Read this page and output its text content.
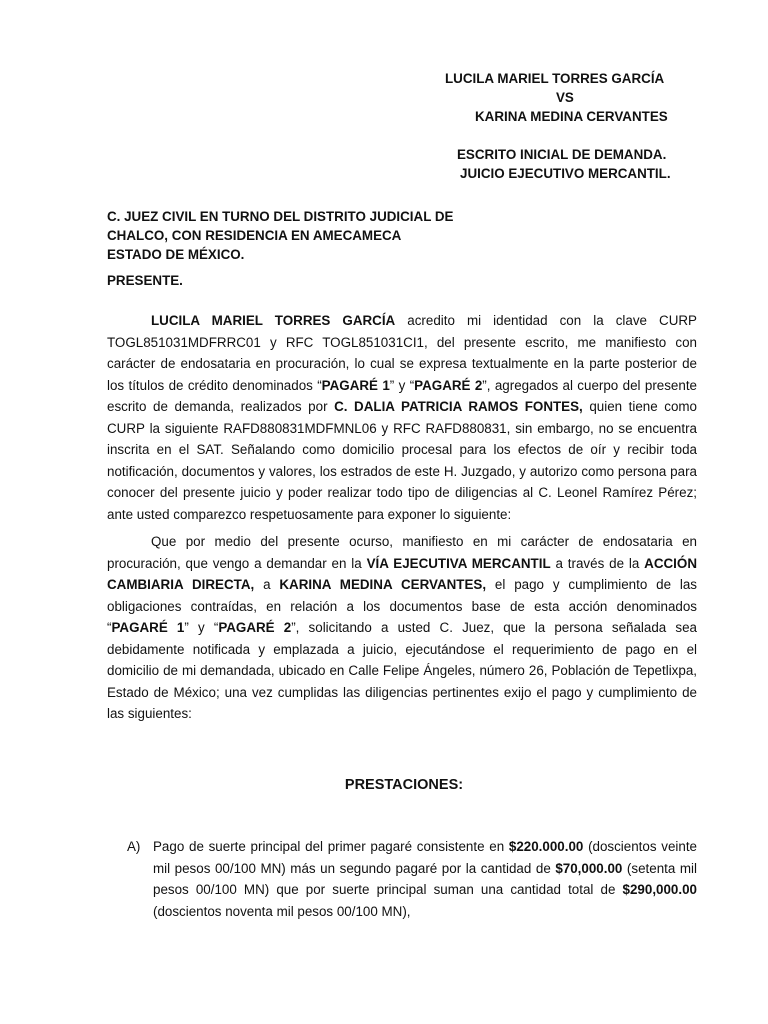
LUCILA MARIEL TORRES GARCÍA
VS
KARINA MEDINA CERVANTES
ESCRITO INICIAL DE DEMANDA.
JUICIO EJECUTIVO MERCANTIL.
C. JUEZ CIVIL EN TURNO DEL DISTRITO JUDICIAL DE
CHALCO, CON RESIDENCIA EN AMECAMECA
ESTADO DE MÉXICO.
PRESENTE.

LUCILA MARIEL TORRES GARCÍA acredito mi identidad con la clave CURP TOGL851031MDFRRC01 y RFC TOGL851031CI1, del presente escrito, me manifiesto con carácter de endosataria en procuración, lo cual se expresa textualmente en la parte posterior de los títulos de crédito denominados “PAGARÉ 1” y “PAGARÉ 2”, agregados al cuerpo del presente escrito de demanda, realizados por C. DALIA PATRICIA RAMOS FONTES, quien tiene como CURP la siguiente RAFD880831MDFMNL06 y RFC RAFD880831, sin embargo, no se encuentra inscrita en el SAT. Señalando como domicilio procesal para los efectos de oír y recibir toda notificación, documentos y valores, los estrados de este H. Juzgado, y autorizo como persona para conocer del presente juicio y poder realizar todo tipo de diligencias al C. Leonel Ramírez Pérez; ante usted comparezco respetuosamente para exponer lo siguiente:

Que por medio del presente ocurso, manifiesto en mi carácter de endosataria en procuración, que vengo a demandar en la VÍA EJECUTIVA MERCANTIL a través de la ACCIÓN CAMBIARIA DIRECTA, a KARINA MEDINA CERVANTES, el pago y cumplimiento de las obligaciones contraídas, en relación a los documentos base de esta acción denominados “PAGARÉ 1” y “PAGARÉ 2”, solicitando a usted C. Juez, que la persona señalada sea debidamente notificada y emplazada a juicio, ejecutándose el requerimiento de pago en el domicilio de mi demandada, ubicado en Calle Felipe Ángeles, número 26, Población de Tepetlixpa, Estado de México; una vez cumplidas las diligencias pertinentes exijo el pago y cumplimiento de las siguientes:

PRESTACIONES:
A) Pago de suerte principal del primer pagaré consistente en $220.000.00 (doscientos veinte mil pesos 00/100 MN) más un segundo pagaré por la cantidad de $70,000.00 (setenta mil pesos 00/100 MN) que por suerte principal suman una cantidad total de $290,000.00 (doscientos noventa mil pesos 00/100 MN),
